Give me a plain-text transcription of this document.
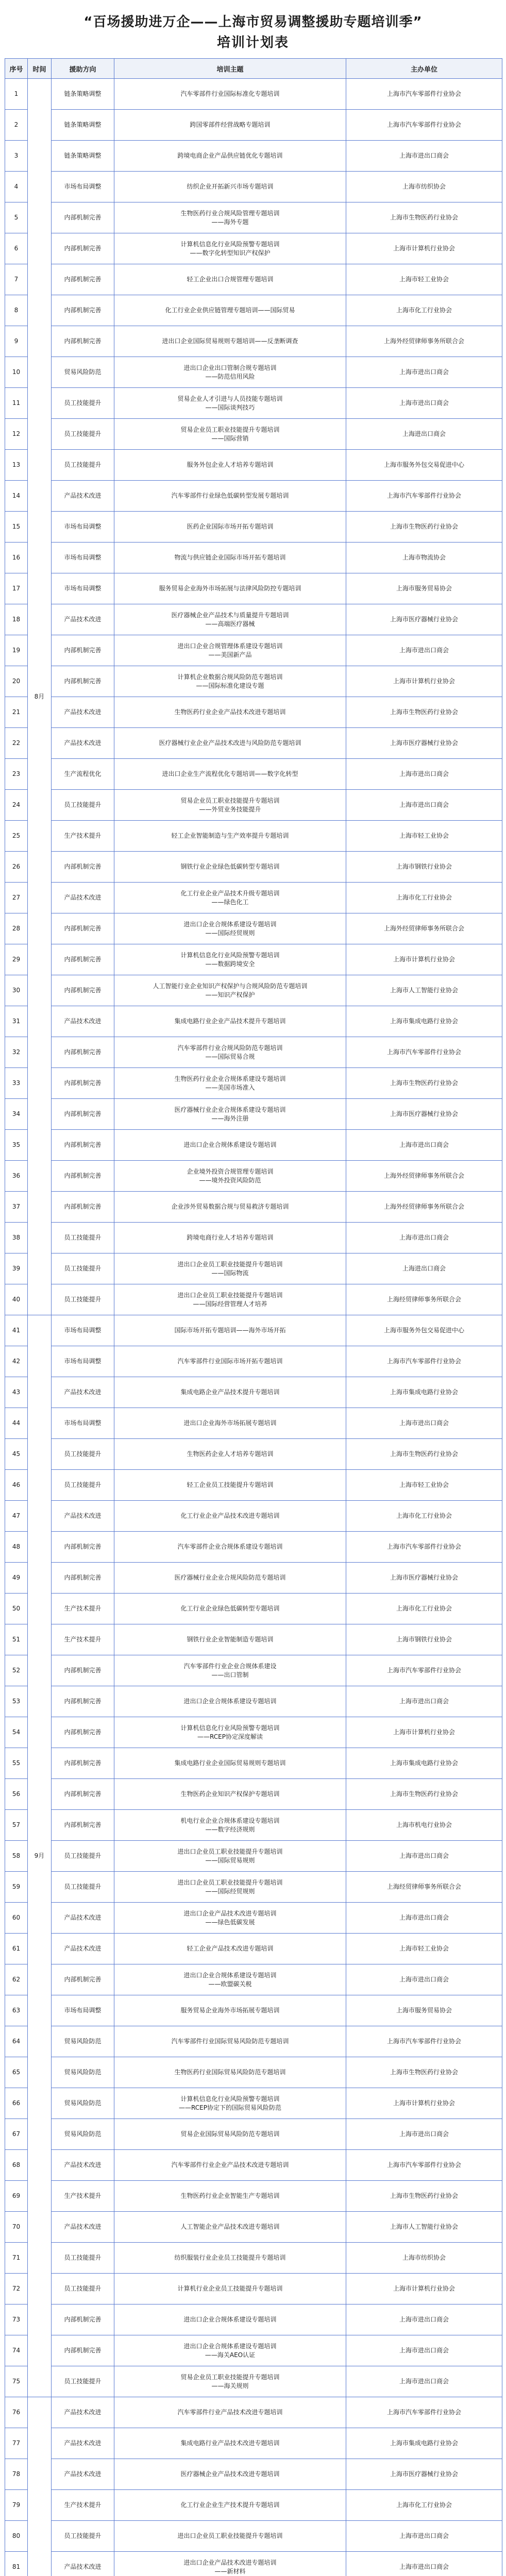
“百场援助进万企——上海市贸易调整援助专题培训季”
培训计划表
序号	时间	援助方向	培训主题	主办单位
1	8月	链条策略调整	汽车零部件行业国际标准化专题培训	上海市汽车零部件行业协会
2		链条策略调整	跨国零部件经营战略专题培训	上海市汽车零部件行业协会
3		链条策略调整	跨境电商企业产品供应链优化专题培训	上海市进出口商会
4		市场布局调整	纺织企业开拓新兴市场专题培训	上海市纺织协会
5		内部机制完善	生物医药行业合规风险管理专题培训
——海外专题	上海市生物医药行业协会
6		内部机制完善	计算机信息化行业风险预警专题培训
——数字化转型知识产权保护	上海市计算机行业协会
7		内部机制完善	轻工企业出口合规管理专题培训	上海市轻工业协会
8		内部机制完善	化工行业企业供应链管理专题培训——国际贸易	上海市化工行业协会
9		内部机制完善	进出口企业国际贸易规则专题培训——反垄断调查	上海外经贸律师事务所联合会
10		贸易风险防范	进出口企业出口管制合规专题培训
——防范信用风险	上海市进出口商会
11		员工技能提升	贸易企业人才引进与人员技能专题培训
——国际谈判技巧	上海市进出口商会
12		员工技能提升	贸易企业员工职业技能提升专题培训
——国际营销	上海进出口商会
13		员工技能提升	服务外包企业人才培养专题培训	上海市服务外包交易促进中心
14		产品技术改进	汽车零部件行业绿色低碳转型发展专题培训	上海市汽车零部件行业协会
15		市场布局调整	医药企业国际市场开拓专题培训	上海市生物医药行业协会
16		市场布局调整	物流与供应链企业国际市场开拓专题培训	上海市物流协会
17		市场布局调整	服务贸易企业海外市场拓展与法律风险防控专题培训	上海市服务贸易协会
18		产品技术改进	医疗器械企业产品技术与质量提升专题培训
——高端医疗器械	上海市医疗器械行业协会
19		内部机制完善	进出口企业合规管理体系建设专题培训
——美国新产品	上海市进出口商会
20		内部机制完善	计算机企业数据合规风险防范专题培训
——国际标准化建设专题	上海市计算机行业协会
21		产品技术改进	生物医药行业企业产品技术改进专题培训	上海市生物医药行业协会
22		产品技术改进	医疗器械行业企业产品技术改进与风险防范专题培训	上海市医疗器械行业协会
23		生产流程优化	进出口企业生产流程优化专题培训——数字化转型	上海市进出口商会
24		员工技能提升	贸易企业员工职业技能提升专题培训
——外贸业务技能提升	上海市进出口商会
25		生产技术提升	轻工企业智能制造与生产效率提升专题培训	上海市轻工业协会
26		内部机制完善	钢铁行业企业绿色低碳转型专题培训	上海市钢铁行业协会
27		产品技术改进	化工行业企业产品技术升级专题培训
——绿色化工	上海市化工行业协会
28		内部机制完善	进出口企业合规体系建设专题培训
——国际经贸规则	上海外经贸律师事务所联合会
29		内部机制完善	计算机信息化行业风险预警专题培训
——数据跨境安全	上海市计算机行业协会
30		内部机制完善	人工智能行业企业知识产权保护与合规风险防范专题培训
——知识产权保护	上海市人工智能行业协会
31		产品技术改进	集成电路行业企业产品技术提升专题培训	上海市集成电路行业协会
32		内部机制完善	汽车零部件行业合规风险防范专题培训
——国际贸易合规	上海市汽车零部件行业协会
33		内部机制完善	生物医药行业企业合规体系建设专题培训
——美国市场准入	上海市生物医药行业协会
34		内部机制完善	医疗器械行业企业合规体系建设专题培训
——海外注册	上海市医疗器械行业协会
35		内部机制完善	进出口企业合规体系建设专题培训	上海市进出口商会
36		内部机制完善	企业境外投资合规管理专题培训
——境外投资风险防范	上海外经贸律师事务所联合会
37		内部机制完善	企业涉外贸易数据合规与贸易救济专题培训	上海外经贸律师事务所联合会
38		员工技能提升	跨境电商行业人才培养专题培训	上海市进出口商会
39		员工技能提升	进出口企业员工职业技能提升专题培训
——国际物流	上海进出口商会
40		员工技能提升	进出口企业员工职业技能提升专题培训
——国际经营管理人才培养	上海经贸律师事务所联合会
41	9月	市场布局调整	国际市场开拓专题培训——海外市场开拓	上海市服务外包交易促进中心
42		市场布局调整	汽车零部件行业国际市场开拓专题培训	上海市汽车零部件行业协会
43		产品技术改进	集成电路企业产品技术提升专题培训	上海市集成电路行业协会
44		市场布局调整	进出口企业海外市场拓展专题培训	上海市进出口商会
45		员工技能提升	生物医药企业人才培养专题培训	上海市生物医药行业协会
46		员工技能提升	轻工企业员工技能提升专题培训	上海市轻工业协会
47		产品技术改进	化工行业企业产品技术改进专题培训	上海市化工行业协会
48		内部机制完善	汽车零部件企业合规体系建设专题培训	上海市汽车零部件行业协会
49		内部机制完善	医疗器械行业企业合规风险防范专题培训	上海市医疗器械行业协会
50		生产技术提升	化工行业企业绿色低碳转型专题培训	上海市化工行业协会
51		生产技术提升	钢铁行业企业智能制造专题培训	上海市钢铁行业协会
52		内部机制完善	汽车零部件行业企业合规体系建设
——出口管制	上海市汽车零部件行业协会
53		内部机制完善	进出口企业合规体系建设专题培训	上海市进出口商会
54		内部机制完善	计算机信息化行业风险预警专题培训
——RCEP协定深度解读	上海市计算机行业协会
55		内部机制完善	集成电路行业企业国际贸易规则专题培训	上海市集成电路行业协会
56		内部机制完善	生物医药企业知识产权保护专题培训	上海市生物医药行业协会
57		内部机制完善	机电行业企业合规体系建设专题培训
——数字经济规则	上海市机电行业协会
58		员工技能提升	进出口企业员工职业技能提升专题培训
——国际贸易规则	上海市进出口商会
59		员工技能提升	进出口企业员工职业技能提升专题培训
——国际经贸规则	上海经贸律师事务所联合会
60		产品技术改进	进出口企业产品技术改进专题培训
——绿色低碳发展	上海市进出口商会
61		产品技术改进	轻工企业产品技术改进专题培训	上海市轻工业协会
62		内部机制完善	进出口企业合规体系建设专题培训
——欧盟碳关税	上海市进出口商会
63		市场布局调整	服务贸易企业海外市场拓展专题培训	上海市服务贸易协会
64		贸易风险防范	汽车零部件行业国际贸易风险防范专题培训	上海市汽车零部件行业协会
65		贸易风险防范	生物医药行业国际贸易风险防范专题培训	上海市生物医药行业协会
66		贸易风险防范	计算机信息化行业风险预警专题培训
——RCEP协定下的国际贸易风险防范	上海市计算机行业协会
67		贸易风险防范	贸易企业国际贸易风险防范专题培训	上海市进出口商会
68		产品技术改进	汽车零部件行业企业产品技术改进专题培训	上海市汽车零部件行业协会
69		生产技术提升	生物医药行业企业智能生产专题培训	上海市生物医药行业协会
70		产品技术改进	人工智能企业产品技术改进专题培训	上海市人工智能行业协会
71		员工技能提升	纺织服装行业企业员工技能提升专题培训	上海市纺织协会
72		员工技能提升	计算机行业企业员工技能提升专题培训	上海市计算机行业协会
73		内部机制完善	进出口企业合规体系建设专题培训	上海市进出口商会
74		内部机制完善	进出口企业合规体系建设专题培训
——海关AEO认证	上海市进出口商会
75		员工技能提升	贸易企业员工职业技能提升专题培训
——海关规则	上海市进出口商会
76		产品技术改进	汽车零部件行业产品技术改进专题培训	上海市汽车零部件行业协会
77		产品技术改进	集成电路行业产品技术改进专题培训	上海市集成电路行业协会
78		产品技术改进	医疗器械企业产品技术改进专题培训	上海市医疗器械行业协会
79		生产技术提升	化工行业企业生产技术提升专题培训	上海市化工行业协会
80		员工技能提升	进出口企业员工职业技能提升专题培训	上海市进出口商会
81		产品技术改进	进出口企业产品技术改进专题培训
——新材料	上海市进出口商会
